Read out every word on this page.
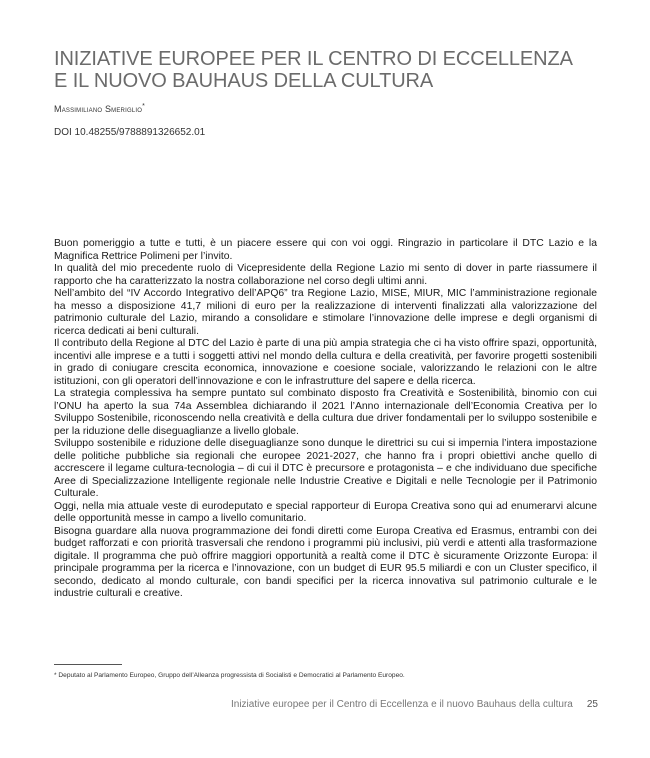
INIZIATIVE EUROPEE PER IL CENTRO DI ECCELLENZA
E IL NUOVO BAUHAUS DELLA CULTURA
Massimiliano Smeriglio*
DOI 10.48255/9788891326652.01

Buon pomeriggio a tutte e tutti, è un piacere essere qui con voi oggi. Ringrazio in particolare il DTC Lazio e la Magnifica Rettrice Polimeni per l’invito.

In qualità del mio precedente ruolo di Vicepresidente della Regione Lazio mi sento di dover in parte riassumere il rapporto che ha caratterizzato la nostra collaborazione nel corso degli ultimi anni.

Nell’ambito del “IV Accordo Integrativo dell’APQ6” tra Regione Lazio, MISE, MIUR, MIC l’amministrazione regionale ha messo a disposizione 41,7 milioni di euro per la realizzazione di interventi finalizzati alla valorizzazione del patrimonio culturale del Lazio, mirando a consolidare e stimolare l’innovazione delle imprese e degli organismi di ricerca dedicati ai beni culturali.

Il contributo della Regione al DTC del Lazio è parte di una più ampia strategia che ci ha visto offrire spazi, opportunità, incentivi alle imprese e a tutti i soggetti attivi nel mondo della cultura e della creatività, per favorire progetti sostenibili in grado di coniugare crescita economica, innovazione e coesione sociale, valorizzando le relazioni con le altre istituzioni, con gli operatori dell’innovazione e con le infrastrutture del sapere e della ricerca.

La strategia complessiva ha sempre puntato sul combinato disposto fra Creatività e Sostenibilità, binomio con cui l’ONU ha aperto la sua 74a Assemblea dichiarando il 2021 l’Anno internazionale dell’Economia Creativa per lo Sviluppo Sostenibile, riconoscendo nella creatività e della cultura due driver fondamentali per lo sviluppo sostenibile e per la riduzione delle diseguaglianze a livello globale.

Sviluppo sostenibile e riduzione delle diseguaglianze sono dunque le direttrici su cui si impernia l’intera impostazione delle politiche pubbliche sia regionali che europee 2021-2027, che hanno fra i propri obiettivi anche quello di accrescere il legame cultura-tecnologia – di cui il DTC è precursore e protagonista – e che individuano due specifiche Aree di Specializzazione Intelligente regionale nelle Industrie Creative e Digitali e nelle Tecnologie per il Patrimonio Culturale.

Oggi, nella mia attuale veste di eurodeputato e special rapporteur di Europa Creativa sono qui ad enumerarvi alcune delle opportunità messe in campo a livello comunitario.

Bisogna guardare alla nuova programmazione dei fondi diretti come Europa Creativa ed Erasmus, entrambi con dei budget rafforzati e con priorità trasversali che rendono i programmi più inclusivi, più verdi e attenti alla trasformazione digitale. Il programma che può offrire maggiori opportunità a realtà come il DTC è sicuramente Orizzonte Europa: il principale programma per la ricerca e l’innovazione, con un budget di EUR 95.5 miliardi e con un Cluster specifico, il secondo, dedicato al mondo culturale, con bandi specifici per la ricerca innovativa sul patrimonio culturale e le industrie culturali e creative.

* Deputato al Parlamento Europeo, Gruppo dell’Alleanza progressista di Socialisti e Democratici al Parlamento Europeo.
Iniziative europee per il Centro di Eccellenza e il nuovo Bauhaus della cultura 25
